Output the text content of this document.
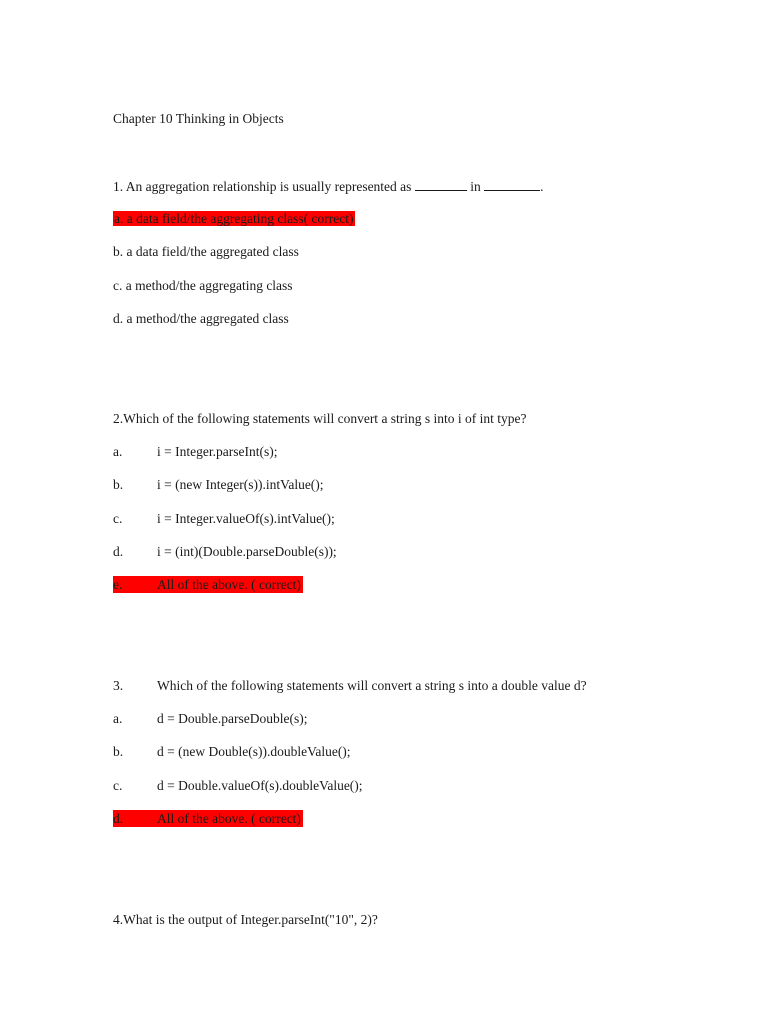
Chapter 10 Thinking in Objects
1. An aggregation relationship is usually represented as	in	.
a. a data field/the aggregating class( correct)
b. a data field/the aggregated class
c. a method/the aggregating class
d. a method/the aggregated class
2.Which of the following statements will convert a string s into i of int type?
a.	i = Integer.parseInt(s);
b.	i = (new Integer(s)).intValue();
c.	i = Integer.valueOf(s).intValue();
d.	i = (int)(Double.parseDouble(s));
e.	All of the above. ( correct)
3.	Which of the following statements will convert a string s into a double value d?
a.	d = Double.parseDouble(s);
b.	d = (new Double(s)).doubleValue();
c.	d = Double.valueOf(s).doubleValue();
d.	All of the above. ( correct)
4.What is the output of Integer.parseInt("10", 2)?
